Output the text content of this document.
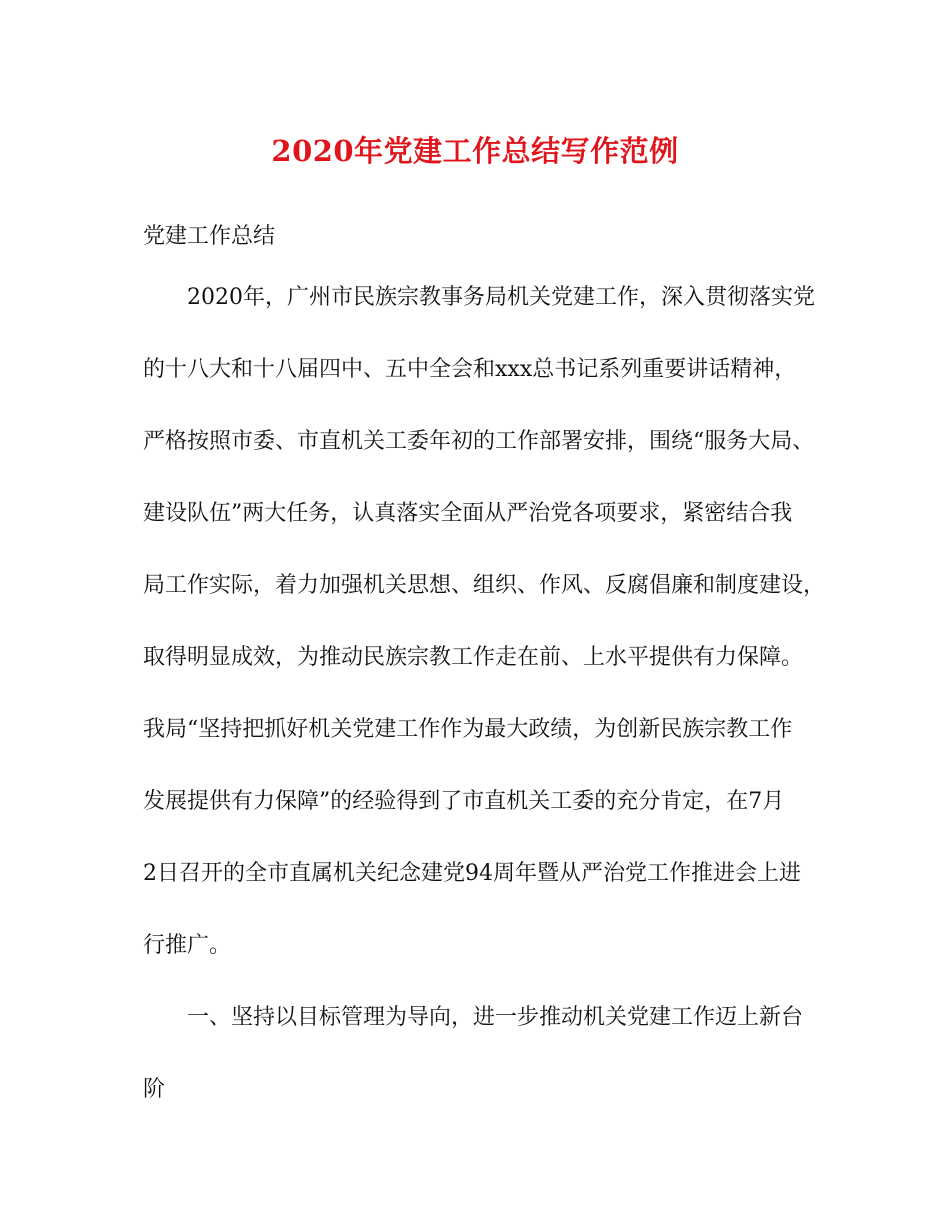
2020年党建工作总结写作范例
党建工作总结
2020年，广州市民族宗教事务局机关党建工作，深入贯彻落实党
的十八大和十八届四中、五中全会和xxx总书记系列重要讲话精神，
严格按照市委、市直机关工委年初的工作部署安排，围绕“服务大局、
建设队伍”两大任务，认真落实全面从严治党各项要求，紧密结合我
局工作实际，着力加强机关思想、组织、作风、反腐倡廉和制度建设，
取得明显成效，为推动民族宗教工作走在前、上水平提供有力保障。
我局“坚持把抓好机关党建工作作为最大政绩，为创新民族宗教工作
发展提供有力保障”的经验得到了市直机关工委的充分肯定，在7月
2日召开的全市直属机关纪念建党94周年暨从严治党工作推进会上进
行推广。
一、坚持以目标管理为导向，进一步推动机关党建工作迈上新台
阶
